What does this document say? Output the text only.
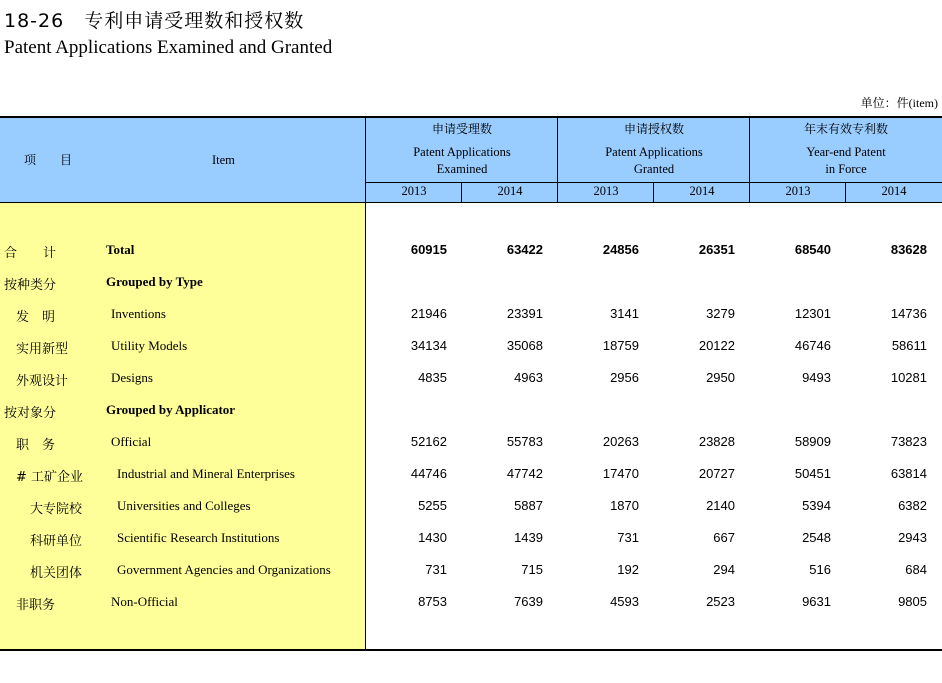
18-26　专利申请受理数和授权数
Patent Applications Examined and Granted
单位：件(item)
项　　目	Item
申请受理数
Patent Applications
Examined
申请授权数
Patent Applications
Granted
年末有效专利数
Year-end Patent
in Force
2013	2014	2013	2014	2013	2014
合　　计	Total	60915	63422	24856	26351	68540	83628
按种类分	Grouped by Type
发　明	Inventions	21946	23391	3141	3279	12301	14736
实用新型	Utility Models	34134	35068	18759	20122	46746	58611
外观设计	Designs	4835	4963	2956	2950	9493	10281
按对象分	Grouped by Applicator
职　务	Official	52162	55783	20263	23828	58909	73823
# 工矿企业	Industrial and Mineral Enterprises	44746	47742	17470	20727	50451	63814
大专院校	Universities and Colleges	5255	5887	1870	2140	5394	6382
科研单位	Scientific Research Institutions	1430	1439	731	667	2548	2943
机关团体	Government Agencies and Organizations	731	715	192	294	516	684
非职务	Non-Official	8753	7639	4593	2523	9631	9805
